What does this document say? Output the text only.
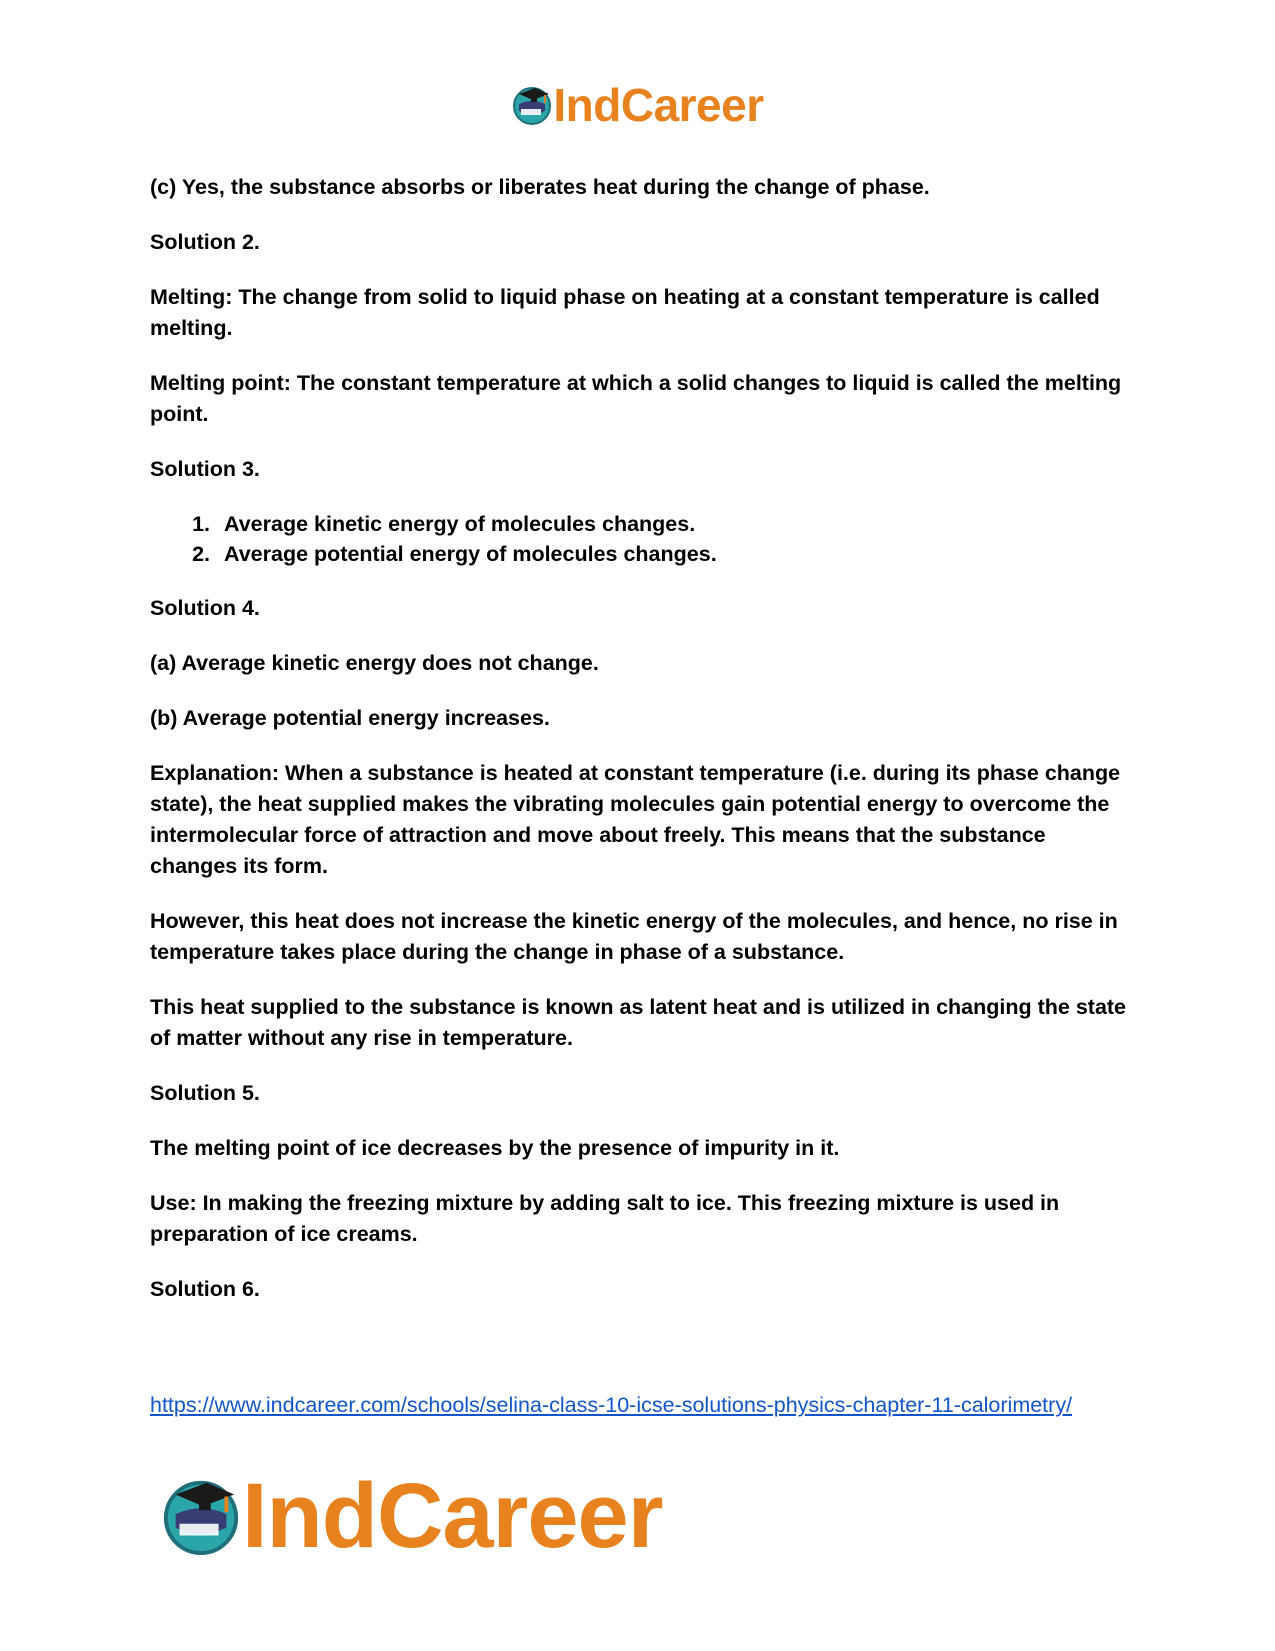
IndCareer

(c) Yes, the substance absorbs or liberates heat during the change of phase.

Solution 2.

Melting: The change from solid to liquid phase on heating at a constant temperature is called melting.

Melting point: The constant temperature at which a solid changes to liquid is called the melting point.

Solution 3.

1. Average kinetic energy of molecules changes.
2. Average potential energy of molecules changes.

Solution 4.

(a) Average kinetic energy does not change.

(b) Average potential energy increases.

Explanation: When a substance is heated at constant temperature (i.e. during its phase change state), the heat supplied makes the vibrating molecules gain potential energy to overcome the intermolecular force of attraction and move about freely. This means that the substance changes its form.

However, this heat does not increase the kinetic energy of the molecules, and hence, no rise in temperature takes place during the change in phase of a substance.

This heat supplied to the substance is known as latent heat and is utilized in changing the state of matter without any rise in temperature.

Solution 5.

The melting point of ice decreases by the presence of impurity in it.

Use: In making the freezing mixture by adding salt to ice. This freezing mixture is used in preparation of ice creams.

Solution 6.

https://www.indcareer.com/schools/selina-class-10-icse-solutions-physics-chapter-11-calorimetry/
IndCareer
